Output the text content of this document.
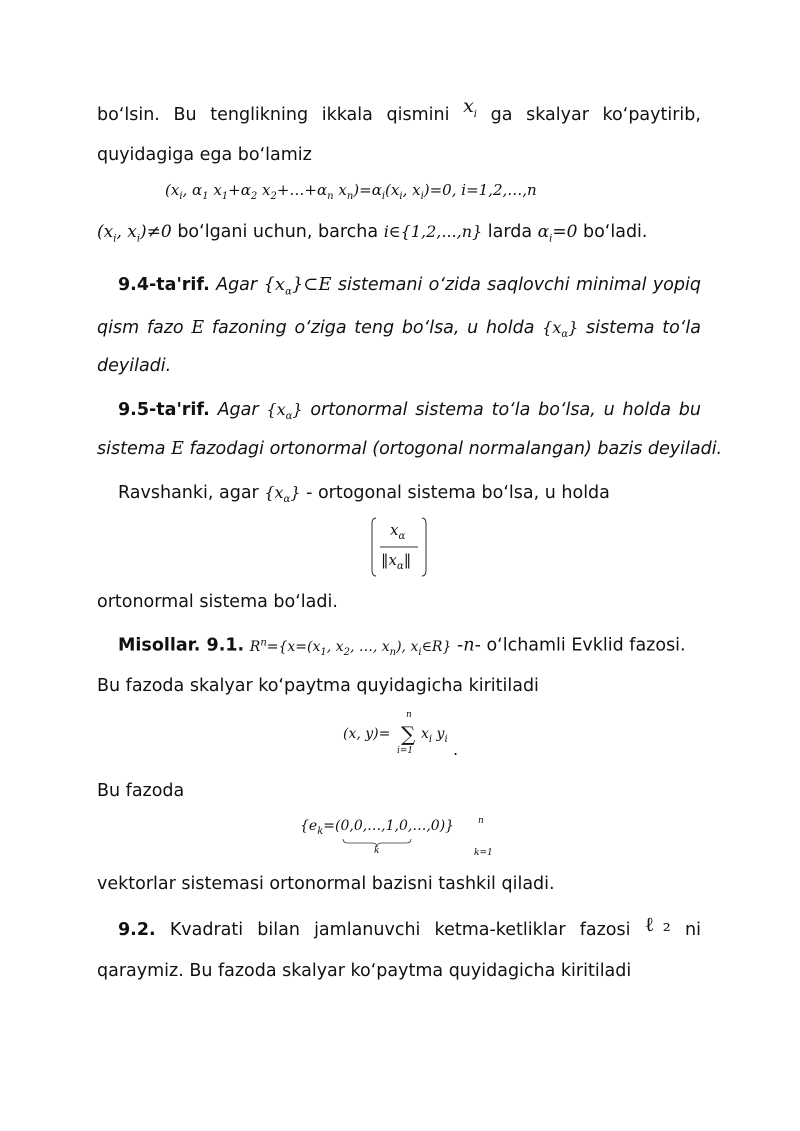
bo‘lsin. Bu tenglikning ikkala qismini $x_i$ ga skalyar ko‘paytirib,
quyidagiga ega bo‘lamiz
($x_i$, $\alpha_1$ $x_1+\alpha_2$ $x_2+\dots+\alpha_n$ $x_n)=\alpha_i(x_i$, $x_i)=0$, i=1,2,…,n
($x_i$, $x_i)\ne 0$ bo‘lgani uchun, barcha i∈{1,2,...,n} larda $\alpha_i=0$ bo‘ladi.
9.4-ta'rif. Agar $\{x_\alpha\}\subset E$ sistemani o‘zida saqlovchi minimal yopiq
qism fazo E fazoning o‘ziga teng bo‘lsa, u holda $\{x_\alpha\}$ sistema to‘la
deyiladi.
9.5-ta'rif. Agar $\{x_\alpha\}$ ortonormal sistema to‘la bo‘lsa, u holda bu
sistema E fazodagi ortonormal (ortogonal normalangan) bazis deyiladi.
Ravshanki, agar $\{x_\alpha\}$ - ortogonal sistema bo‘lsa, u holda
$x_\alpha$
$‖x_\alpha‖$
ortonormal sistema bo‘ladi.
Misollar. 9.1. $R^n=\{x=(x_1$, $x_2$, …, $x_n$), $x_i\in R$} -n- o‘lchamli Evklid fazosi.
Bu fazoda skalyar ko‘paytma quyidagicha kiritiladi
(x, y)= ∑
n
i=1
$x_i$ $y_i$
.
Bu fazoda
$\{e_k=(0,0,\dots,1,0,\dots,0)\}$
k
n
k=1
vektorlar sistemasi ortonormal bazisni tashkil qiladi.
9.2. Kvadrati bilan jamlanuvchi ketma-ketliklar fazosi ℓ₂ ni
qaraymiz. Bu fazoda skalyar ko‘paytma quyidagicha kiritiladi
